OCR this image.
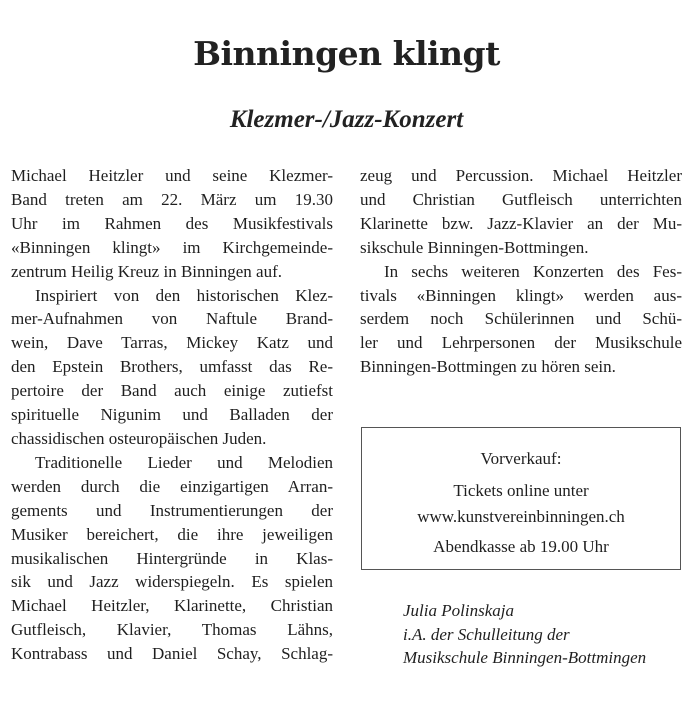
Binningen klingt
Klezmer-/Jazz-Konzert
Michael Heitzler und seine Klezmer-
Band treten am 22. März um 19.30
Uhr im Rahmen des Musikfestivals
«Binningen klingt» im Kirchgemeinde-
zentrum Heilig Kreuz in Binningen auf.
Inspiriert von den historischen Klez-
mer-Aufnahmen von Naftule Brand-
wein, Dave Tarras, Mickey Katz und
den Epstein Brothers, umfasst das Re-
pertoire der Band auch einige zutiefst
spirituelle Nigunim und Balladen der
chassidischen osteuropäischen Juden.
Traditionelle Lieder und Melodien
werden durch die einzigartigen Arran-
gements und Instrumentierungen der
Musiker bereichert, die ihre jeweiligen
musikalischen Hintergründe in Klas-
sik und Jazz widerspiegeln. Es spielen
Michael Heitzler, Klarinette, Christian
Gutfleisch, Klavier, Thomas Lähns,
Kontrabass und Daniel Schay, Schlag-
zeug und Percussion. Michael Heitzler
und Christian Gutfleisch unterrichten
Klarinette bzw. Jazz-Klavier an der Mu-
sikschule Binningen-Bottmingen.
In sechs weiteren Konzerten des Fes-
tivals «Binningen klingt» werden aus-
serdem noch Schülerinnen und Schü-
ler und Lehrpersonen der Musikschule
Binningen-Bottmingen zu hören sein.
Vorverkauf:
Tickets online unter
www.kunstvereinbinningen.ch
Abendkasse ab 19.00 Uhr
Julia Polinskaja
i.A. der Schulleitung der
Musikschule Binningen-Bottmingen
